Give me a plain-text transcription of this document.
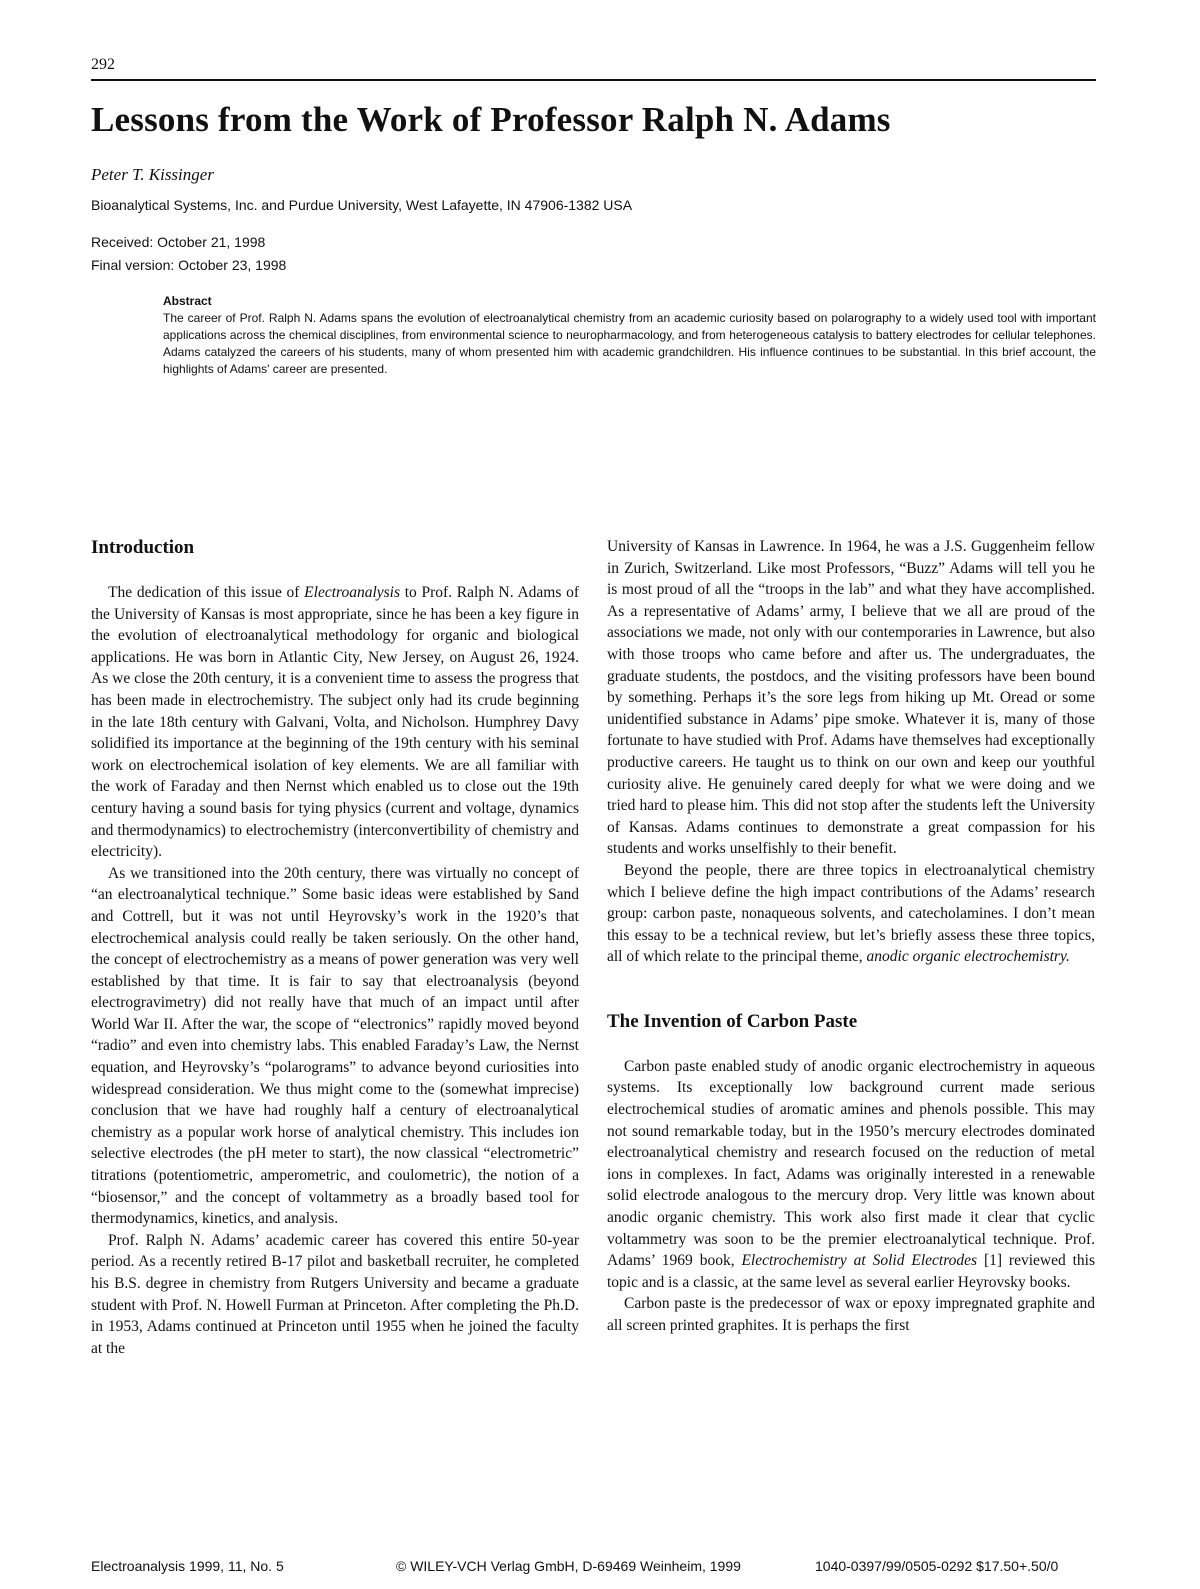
292
Lessons from the Work of Professor Ralph N. Adams
Peter T. Kissinger
Bioanalytical Systems, Inc. and Purdue University, West Lafayette, IN 47906-1382 USA
Received: October 21, 1998
Final version: October 23, 1998
Abstract

The career of Prof. Ralph N. Adams spans the evolution of electroanalytical chemistry from an academic curiosity based on polarography to a widely used tool with important applications across the chemical disciplines, from environmental science to neuropharmacology, and from heterogeneous catalysis to battery electrodes for cellular telephones. Adams catalyzed the careers of his students, many of whom presented him with academic grandchildren. His influence continues to be substantial. In this brief account, the highlights of Adams' career are presented.

Introduction

The dedication of this issue of Electroanalysis to Prof. Ralph N. Adams of the University of Kansas is most appropriate, since he has been a key figure in the evolution of electroanalytical methodology for organic and biological applications. He was born in Atlantic City, New Jersey, on August 26, 1924. As we close the 20th century, it is a convenient time to assess the progress that has been made in electrochemistry. The subject only had its crude beginning in the late 18th century with Galvani, Volta, and Nicholson. Humphrey Davy solidified its importance at the beginning of the 19th century with his seminal work on electrochemical isolation of key elements. We are all familiar with the work of Faraday and then Nernst which enabled us to close out the 19th century having a sound basis for tying physics (current and voltage, dynamics and thermodynamics) to electrochemistry (interconvertibility of chemistry and electricity).

As we transitioned into the 20th century, there was virtually no concept of “an electroanalytical technique.” Some basic ideas were established by Sand and Cottrell, but it was not until Heyrovsky’s work in the 1920’s that electrochemical analysis could really be taken seriously. On the other hand, the concept of electrochemistry as a means of power generation was very well established by that time. It is fair to say that electroanalysis (beyond electrogravimetry) did not really have that much of an impact until after World War II. After the war, the scope of “electronics” rapidly moved beyond “radio” and even into chemistry labs. This enabled Faraday’s Law, the Nernst equation, and Heyrovsky’s “polarograms” to advance beyond curiosities into widespread consideration. We thus might come to the (somewhat imprecise) conclusion that we have had roughly half a century of electroanalytical chemistry as a popular work horse of analytical chemistry. This includes ion selective electrodes (the pH meter to start), the now classical “electrometric” titrations (potentiometric, amperometric, and coulometric), the notion of a “biosensor,” and the concept of voltammetry as a broadly based tool for thermodynamics, kinetics, and analysis.

Prof. Ralph N. Adams’ academic career has covered this entire 50-year period. As a recently retired B-17 pilot and basketball recruiter, he completed his B.S. degree in chemistry from Rutgers University and became a graduate student with Prof. N. Howell Furman at Princeton. After completing the Ph.D. in 1953, Adams continued at Princeton until 1955 when he joined the faculty at the

University of Kansas in Lawrence. In 1964, he was a J.S. Guggenheim fellow in Zurich, Switzerland. Like most Professors, “Buzz” Adams will tell you he is most proud of all the “troops in the lab” and what they have accomplished. As a representative of Adams’ army, I believe that we all are proud of the associations we made, not only with our contemporaries in Lawrence, but also with those troops who came before and after us. The undergraduates, the graduate students, the postdocs, and the visiting professors have been bound by something. Perhaps it’s the sore legs from hiking up Mt. Oread or some unidentified substance in Adams’ pipe smoke. Whatever it is, many of those fortunate to have studied with Prof. Adams have themselves had exceptionally productive careers. He taught us to think on our own and keep our youthful curiosity alive. He genuinely cared deeply for what we were doing and we tried hard to please him. This did not stop after the students left the University of Kansas. Adams continues to demonstrate a great compassion for his students and works unselfishly to their benefit.

Beyond the people, there are three topics in electroanalytical chemistry which I believe define the high impact contributions of the Adams’ research group: carbon paste, nonaqueous solvents, and catecholamines. I don’t mean this essay to be a technical review, but let’s briefly assess these three topics, all of which relate to the principal theme, anodic organic electrochemistry.

The Invention of Carbon Paste

Carbon paste enabled study of anodic organic electrochemistry in aqueous systems. Its exceptionally low background current made serious electrochemical studies of aromatic amines and phenols possible. This may not sound remarkable today, but in the 1950’s mercury electrodes dominated electroanalytical chemistry and research focused on the reduction of metal ions in complexes. In fact, Adams was originally interested in a renewable solid electrode analogous to the mercury drop. Very little was known about anodic organic chemistry. This work also first made it clear that cyclic voltammetry was soon to be the premier electroanalytical technique. Prof. Adams’ 1969 book, Electrochemistry at Solid Electrodes [1] reviewed this topic and is a classic, at the same level as several earlier Heyrovsky books.

Carbon paste is the predecessor of wax or epoxy impregnated graphite and all screen printed graphites. It is perhaps the first

Electroanalysis 1999, 11, No. 5	© WILEY-VCH Verlag GmbH, D-69469 Weinheim, 1999	1040-0397/99/0505-0292 $17.50+.50/0
